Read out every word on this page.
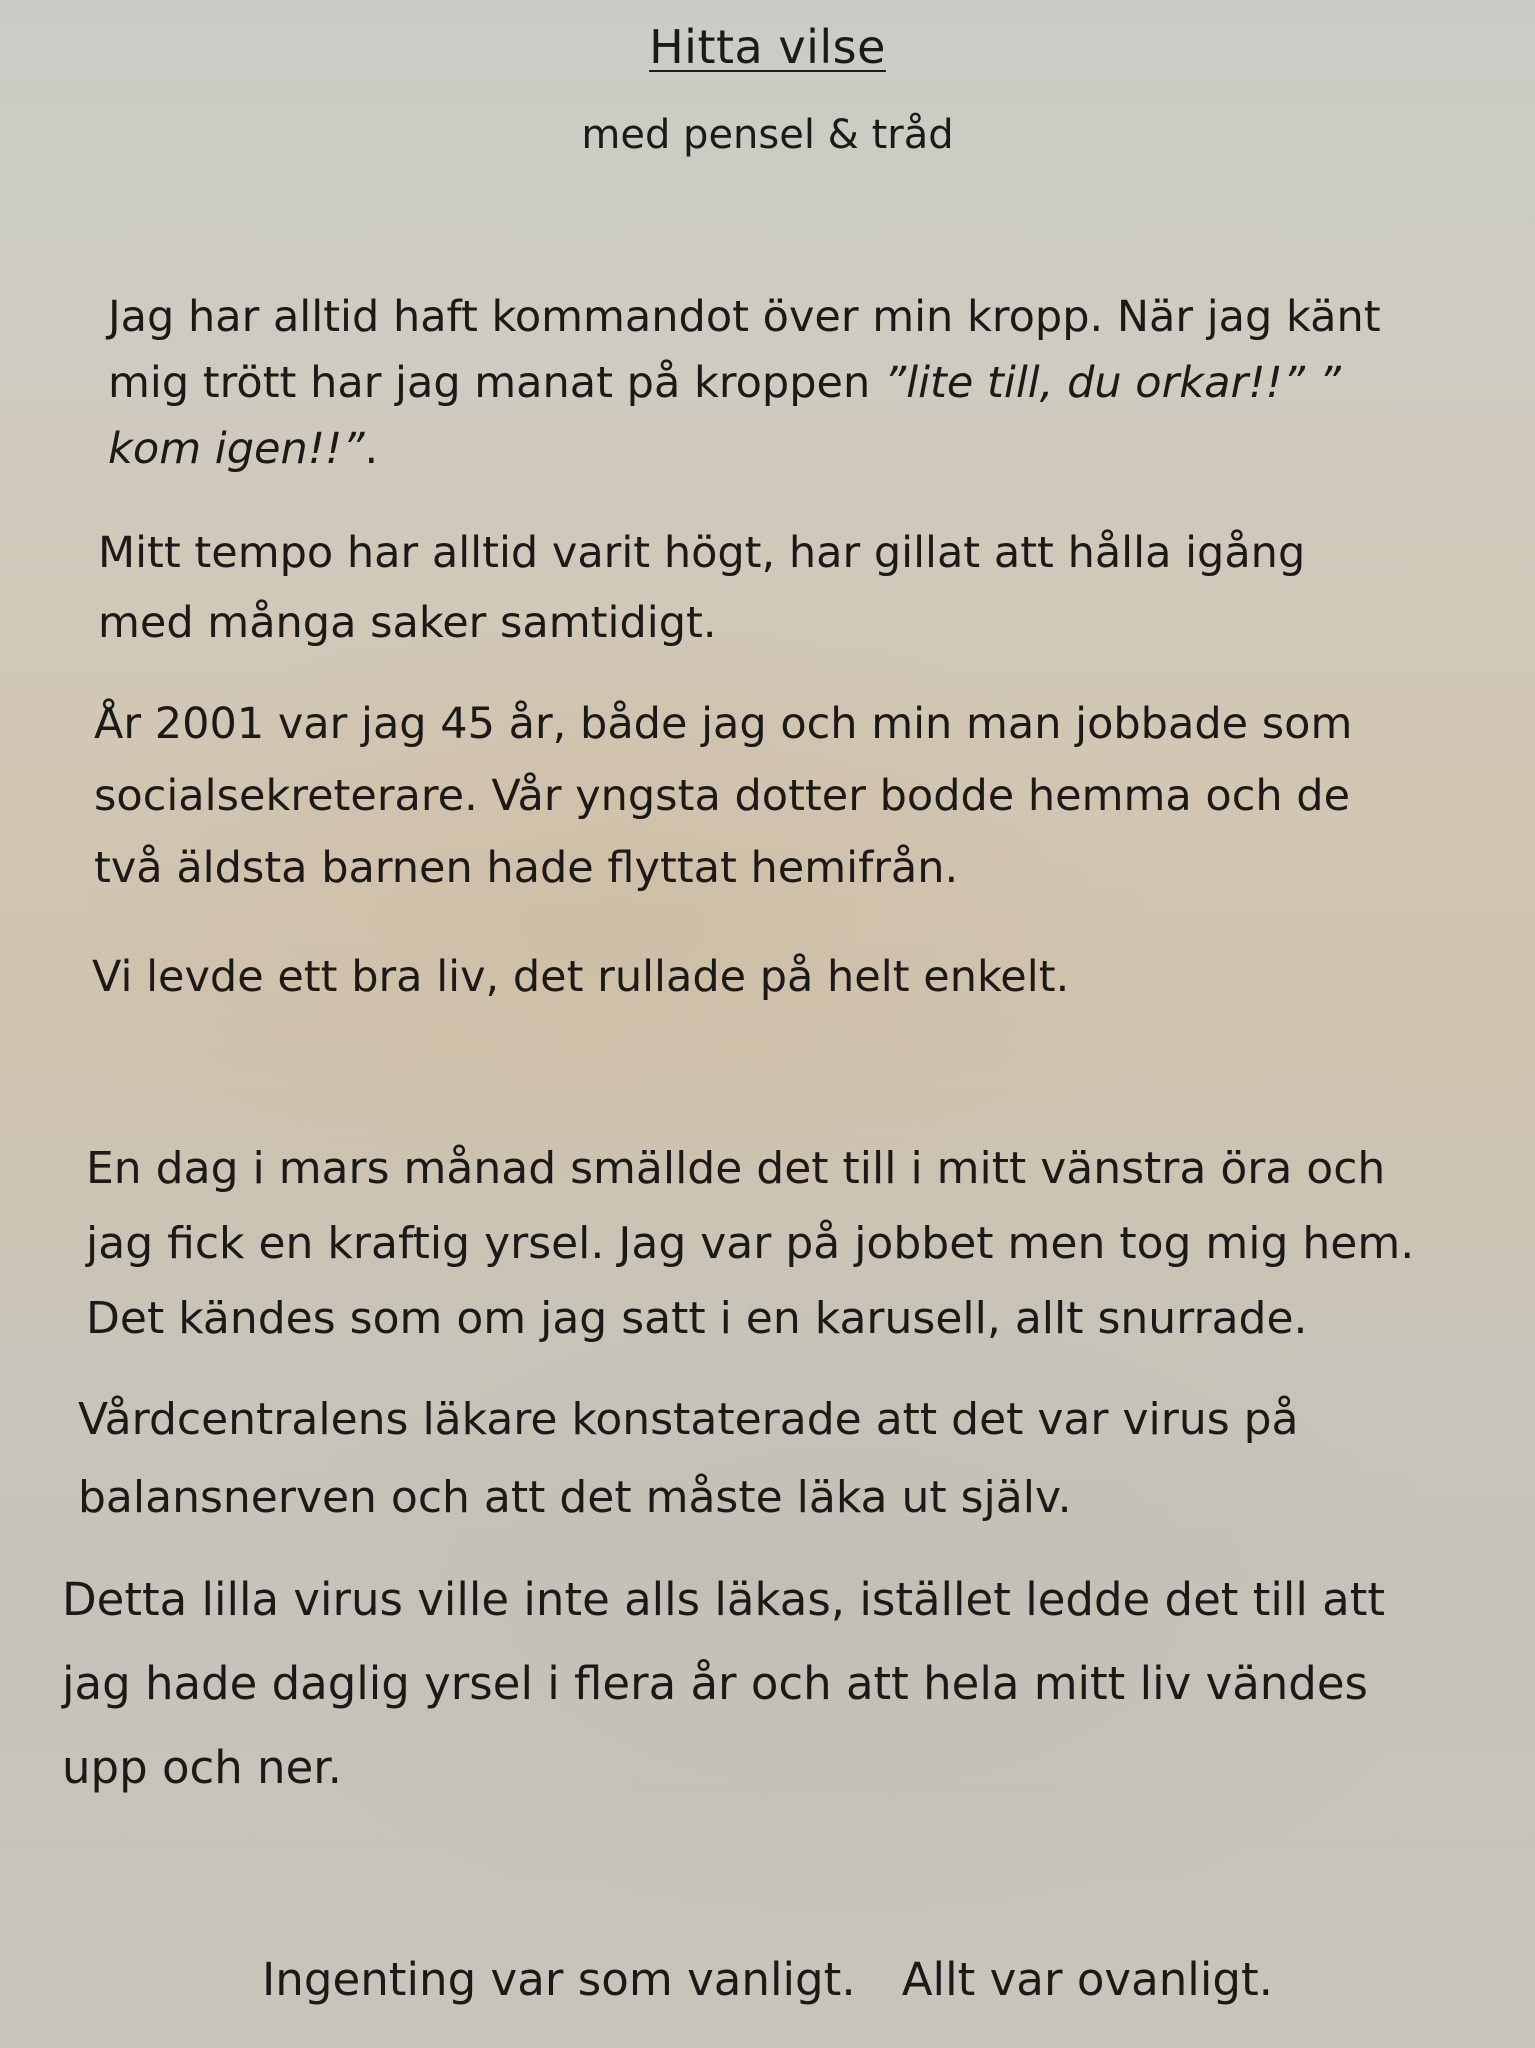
Hitta vilse
med pensel & tråd

Jag har alltid haft kommandot över min kropp. När jag känt
mig trött har jag manat på kroppen ”lite till, du orkar!!” ”
kom igen!!”.

Mitt tempo har alltid varit högt, har gillat att hålla igång
med många saker samtidigt.

År 2001 var jag 45 år, både jag och min man jobbade som
socialsekreterare. Vår yngsta dotter bodde hemma och de
två äldsta barnen hade flyttat hemifrån.

Vi levde ett bra liv, det rullade på helt enkelt.

En dag i mars månad smällde det till i mitt vänstra öra och
jag fick en kraftig yrsel. Jag var på jobbet men tog mig hem.
Det kändes som om jag satt i en karusell, allt snurrade.

Vårdcentralens läkare konstaterade att det var virus på
balansnerven och att det måste läka ut själv.

Detta lilla virus ville inte alls läkas, istället ledde det till att
jag hade daglig yrsel i flera år och att hela mitt liv vändes
upp och ner.

Ingenting var som vanligt. Allt var ovanligt.
